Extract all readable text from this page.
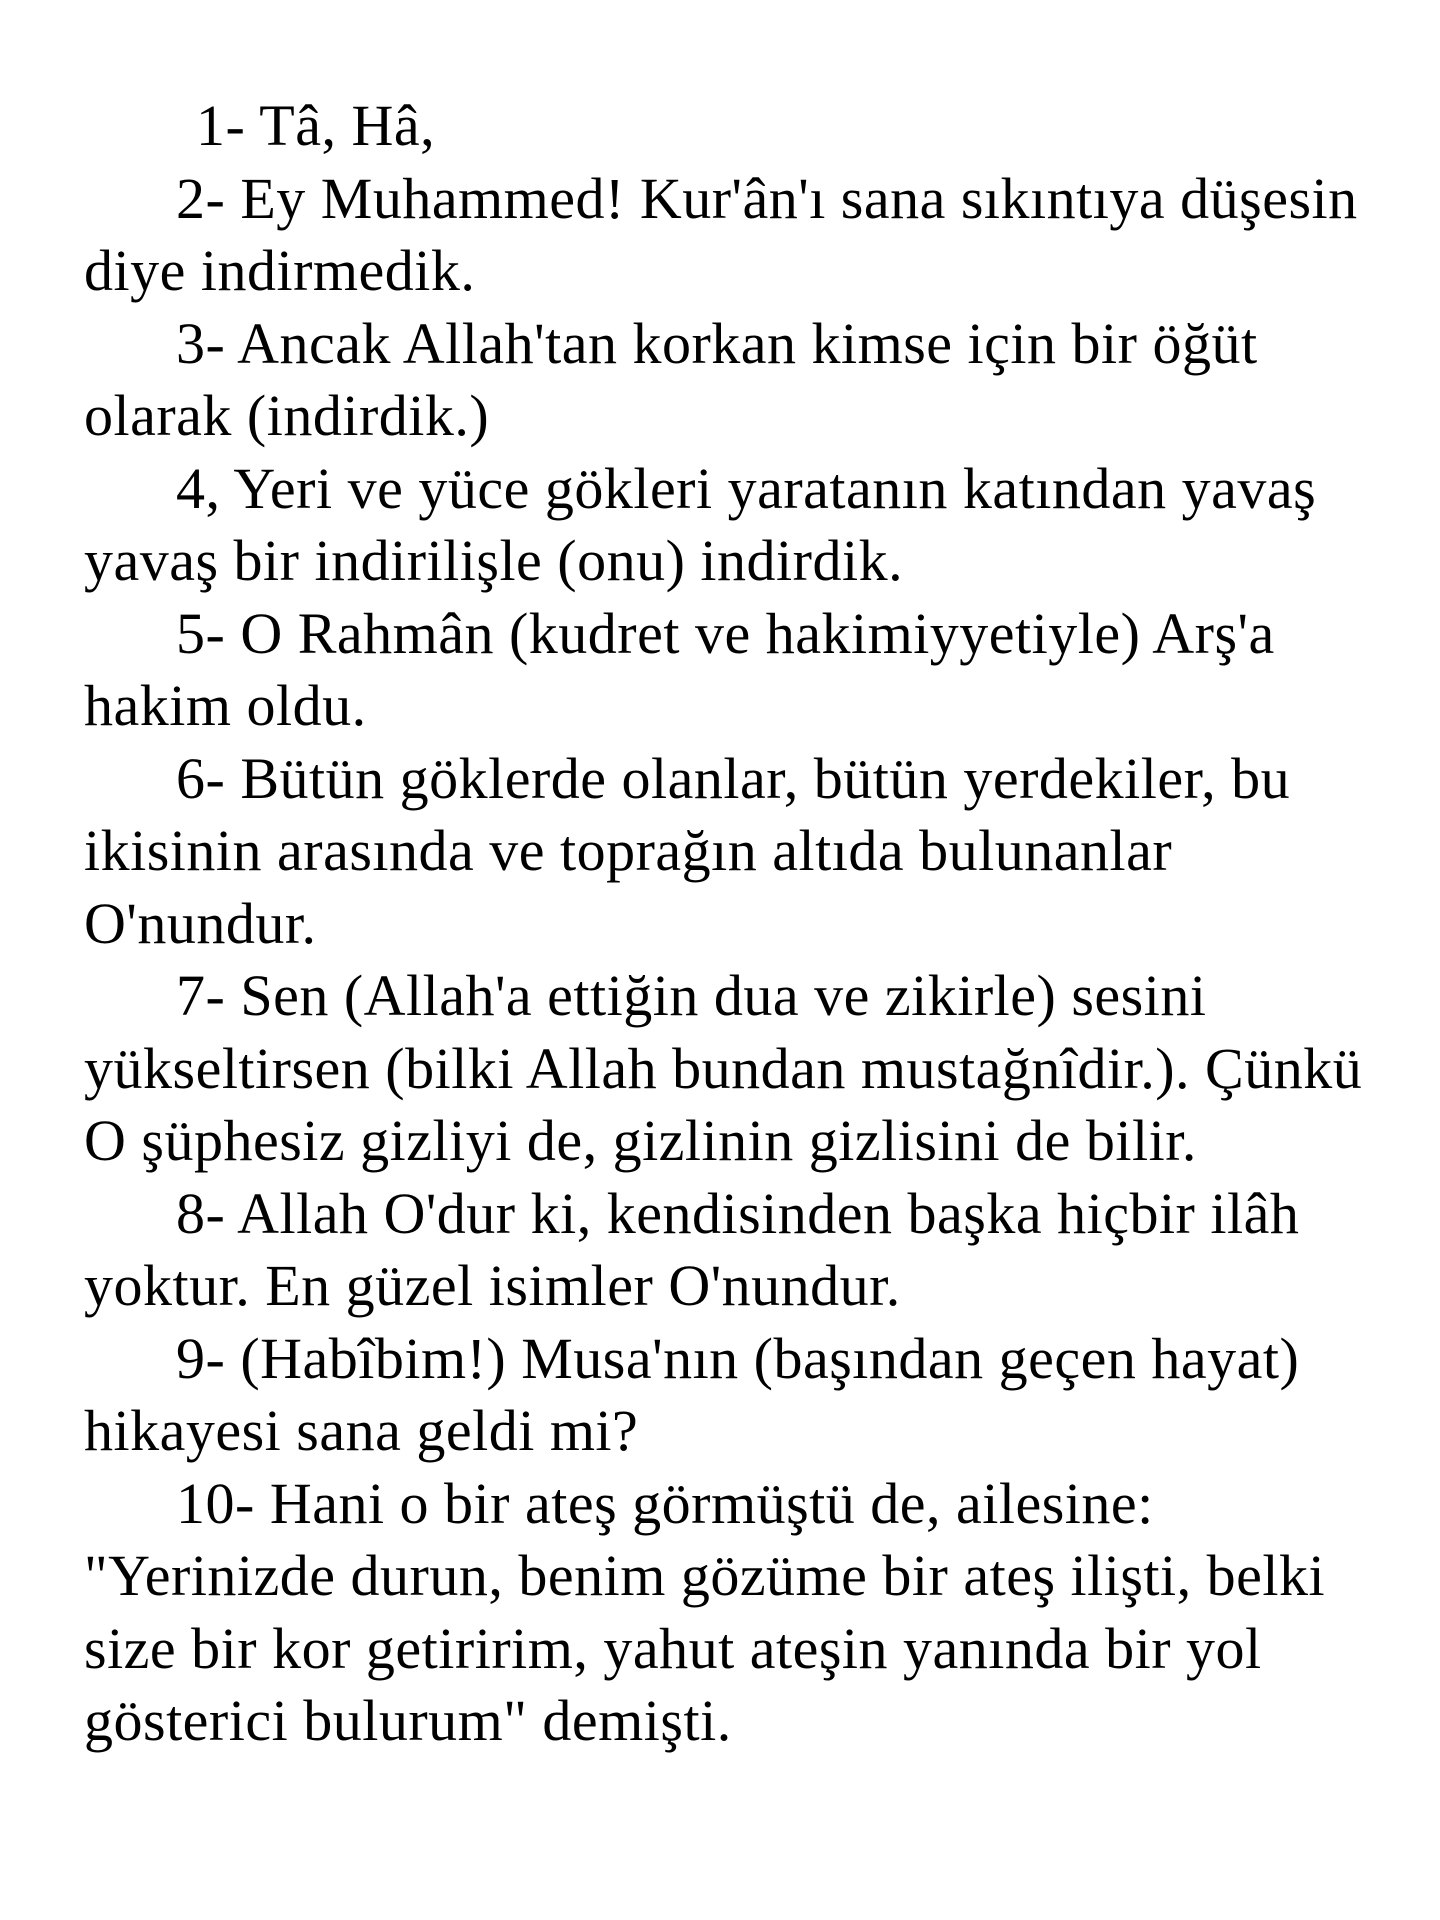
1- Tâ, Hâ,

2- Ey Muhammed! Kur'ân'ı sana sıkıntıya düşesin diye indirmedik.

3- Ancak Allah'tan korkan kimse için bir öğüt olarak (indirdik.)

4, Yeri ve yüce gökleri yaratanın katından yavaş yavaş bir indirilişle (onu) indirdik.

5- O Rahmân (kudret ve hakimiyyetiyle) Arş'a hakim oldu.

6- Bütün göklerde olanlar, bütün yerdekiler, bu ikisinin arasında ve toprağın altıda bulunanlar O'nundur.

7- Sen (Allah'a ettiğin dua ve zikirle) sesini yükseltirsen (bilki Allah bundan mustağnîdir.). Çünkü O şüphesiz gizliyi de, gizlinin gizlisini de bilir.

8- Allah O'dur ki, kendisinden başka hiçbir ilâh yoktur. En güzel isimler O'nundur.

9- (Habîbim!) Musa'nın (başından geçen hayat) hikayesi sana geldi mi?

10- Hani o bir ateş görmüştü de, ailesine: "Yerinizde durun, benim gözüme bir ateş ilişti, belki size bir kor getiririm, yahut ateşin yanında bir yol gösterici bulurum" demişti.
